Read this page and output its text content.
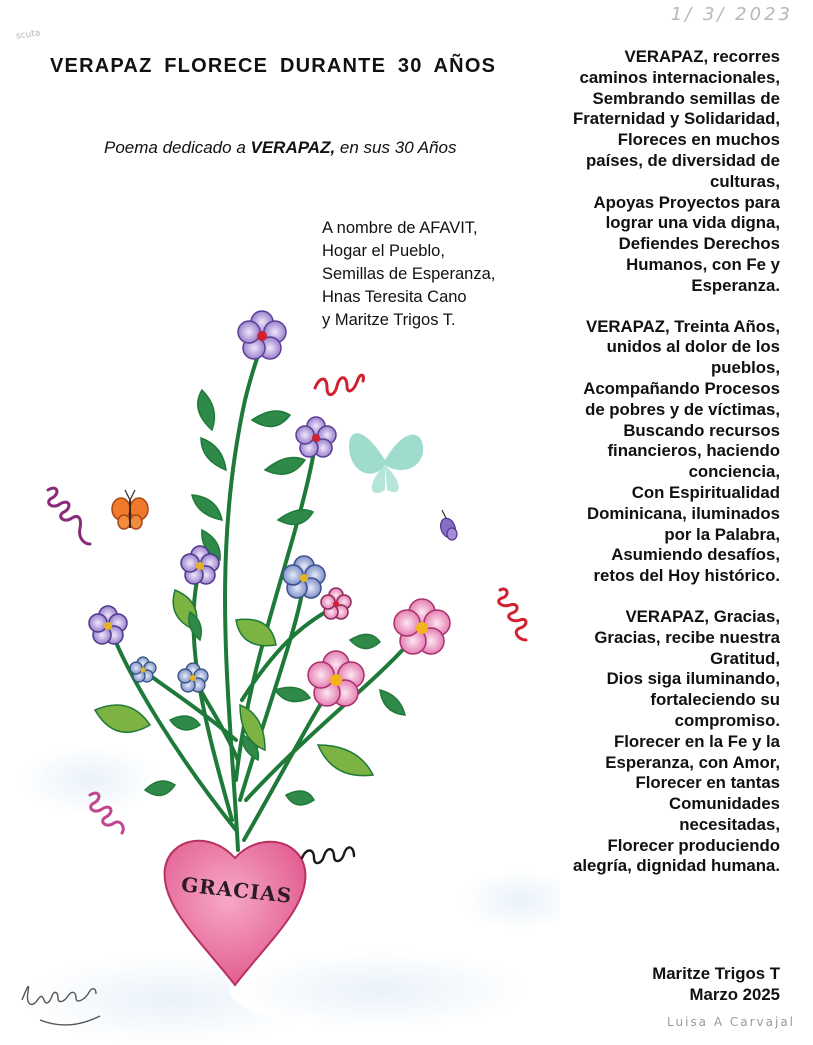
GRACIAS
1/ 3/ 2023
scuta
Luisa A Carvajal
VERAPAZ FLORECE DURANTE 30 AÑOS
Poema dedicado a VERAPAZ, en sus 30 Años
A nombre de AFAVIT,
Hogar el Pueblo,
Semillas de Esperanza,
Hnas Teresita Cano
y Maritze Trigos T.
VERAPAZ, recorres
caminos internacionales,
Sembrando semillas de
Fraternidad y Solidaridad,
Floreces en muchos
países, de diversidad de
culturas,
Apoyas Proyectos para
lograr una vida digna,
Defiendes Derechos
Humanos, con Fe y
Esperanza.
VERAPAZ, Treinta Años,
unidos al dolor de los
pueblos,
Acompañando Procesos
de pobres y de víctimas,
Buscando recursos
financieros, haciendo
conciencia,
Con Espiritualidad
Dominicana, iluminados
por la Palabra,
Asumiendo desafíos,
retos del Hoy histórico.
VERAPAZ, Gracias,
Gracias, recibe nuestra
Gratitud,
Dios siga iluminando,
fortaleciendo su
compromiso.
Florecer en la Fe y la
Esperanza, con Amor,
Florecer en tantas
Comunidades
necesitadas,
Florecer produciendo
alegría, dignidad humana.
Maritze Trigos T
Marzo 2025
